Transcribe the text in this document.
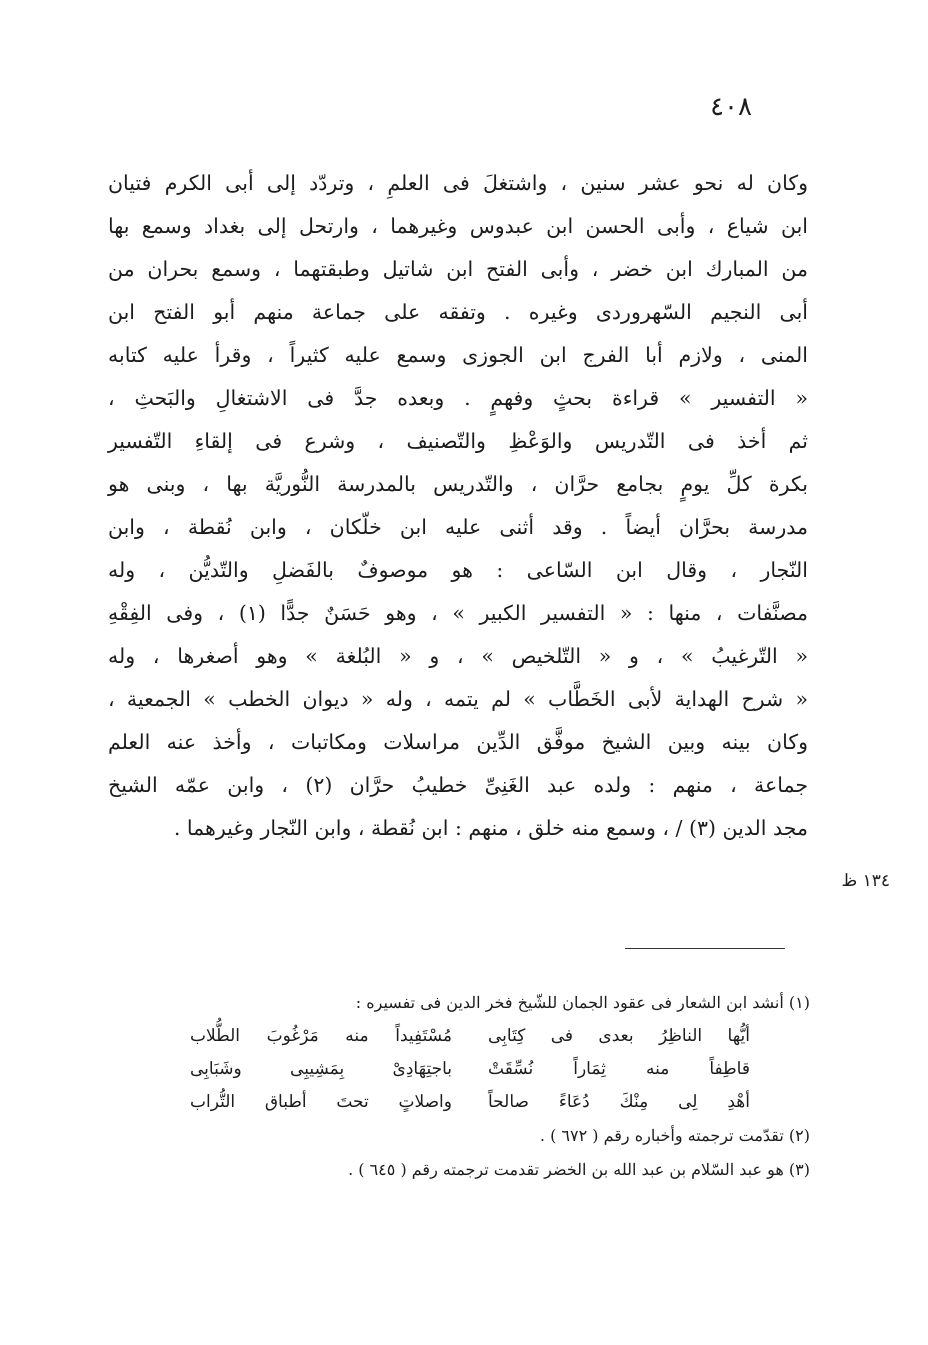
٤٠٨
وكان له نحو عشر سنين ، واشتغلَ فى العلمِ ، وتردّد إلى أبى الكرم فتيان
ابن شياع ، وأبى الحسن ابن عبدوس وغيرهما ، وارتحل إلى بغداد وسمع بها
من المبارك ابن خضر ، وأبى الفتح ابن شاتيل وطبقتهما ، وسمع بحران من
أبى النجيم السّهروردى وغيره . وتفقه على جماعة منهم أبو الفتح ابن
المنى ، ولازم أبا الفرج ابن الجوزى وسمع عليه كثيراً ، وقرأ عليه كتابه
« التفسير » قراءة بحثٍ وفهمٍ . وبعده جدَّ فى الاشتغالِ والبَحثِ ،
ثم أخذ فى التّدريس والوَعْظِ والتّصنيف ، وشرع فى إلقاءِ التّفسير
بكرة كلِّ يومٍ بجامع حرَّان ، والتّدريس بالمدرسة النُّوريَّة بها ، وبنى هو
مدرسة بحرَّان أيضاً . وقد أثنى عليه ابن خلّكان ، وابن نُقطة ، وابن
النّجار ، وقال ابن السّاعى : هو موصوفٌ بالفَضلِ والتّديُّن ، وله
مصنَّفات ، منها : « التفسير الكبير » ، وهو حَسَنٌ جدًّا (١) ، وفى الفِقْهِ
« التّرغيبُ » ، و « التّلخيص » ، و « البُلغة » وهو أصغرها ، وله
« شرح الهداية لأبى الخَطَّاب » لم يتمه ، وله « ديوان الخطب » الجمعية ،
وكان بينه وبين الشيخ موفَّق الدِّين مراسلات ومكاتبات ، وأخذ عنه العلم
جماعة ، منهم : ولده عبد الغَنِىِّ خطيبُ حرَّان (٢) ، وابن عمّه الشيخ
مجد الدين (٣) / ، وسمع منه خلق ، منهم : ابن نُقطة ، وابن النّجار وغيرهما .
١٣٤ ظ
(١) أنشد ابن الشعار فى عقود الجمان للشّيخ فخر الدين فى تفسيره :
أيُّها الناظِرُ بعدى فى كِتَابِى
مُسْتَفِيداً منه مَرْغُوبَ الطُّلاب
قاطِفاً منه ثِمَاراً نُسِّقَتْ
باجتِهَادِىْ بِمَشِيبِى وشَبَابِى
أهْدِ لِى مِنْكَ دُعَاءً صالحاً
واصلاتٍ تحتَ أطباق التُّراب
(٢) تقدّمت ترجمته وأخباره رقم ( ٦٧٢ ) .
(٣) هو عبد السّلام بن عبد الله بن الخضر تقدمت ترجمته رقم ( ٦٤٥ ) .
